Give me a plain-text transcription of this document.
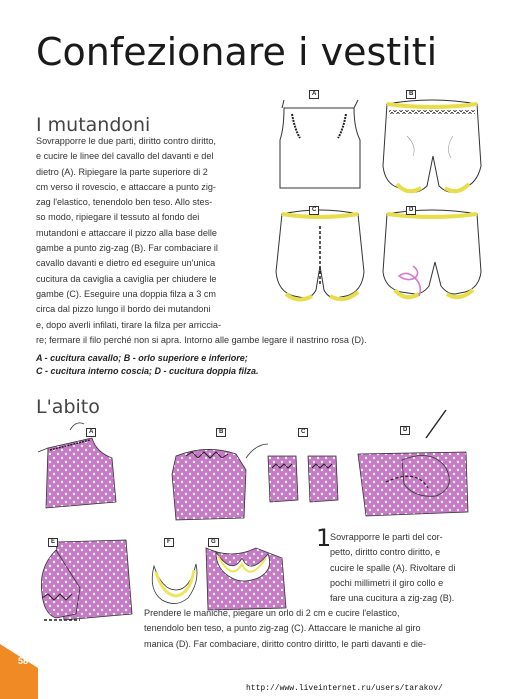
Confezionare i vestiti
I mutandoni
Sovrapporre le due parti, diritto contro diritto,
e cucire le linee del cavallo del davanti e del
dietro (A). Ripiegare la parte superiore di 2
cm verso il rovescio, e attaccare a punto zig-
zag l'elastico, tenendolo ben teso. Allo stes-
so modo, ripiegare il tessuto al fondo dei
mutandoni e attaccare il pizzo alla base delle
gambe a punto zig-zag (B). Far combaciare il
cavallo davanti e dietro ed eseguire un'unica
cucitura da caviglia a caviglia per chiudere le
gambe (C). Eseguire una doppia filza a 3 cm
circa dal pizzo lungo il bordo dei mutandoni
e, dopo averli infilati, tirare la filza per arriccia-
re; fermare il filo perché non si apra. Intorno alle gambe legare il nastrino rosa (D).
A - cucitura cavallo; B - orlo superiore e inferiore;
C - cucitura interno coscia; D - cucitura doppia filza.
A	B
C	D
L'abito
A	B	C	D
E	F	G	1
Sovrapporre le parti del cor-
petto, diritto contro diritto, e
cucire le spalle (A). Rivoltare di
pochi millimetri il giro collo e
fare una cucitura a zig-zag (B).
Prendere le maniche, piegare un orlo di 2 cm e cucire l'elastico,
tenendolo ben teso, a punto zig-zag (C). Attaccare le maniche al giro
manica (D). Far combaciare, diritto contro diritto, le parti davanti e die-
58
http://www.liveinternet.ru/users/tarakov/
